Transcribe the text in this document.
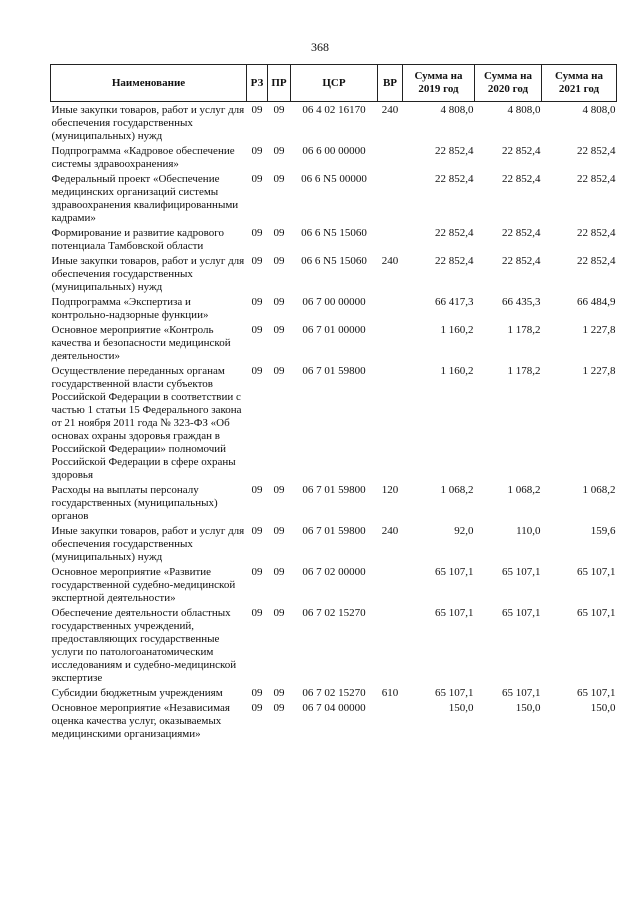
368
Наименование	РЗ	ПР	ЦСР	ВР	Сумма на 2019 год	Сумма на 2020 год	Сумма на 2021 год
Иные закупки товаров, работ и услуг для обеспечения государственных (муниципальных) нужд	09	09	06 4 02 16170	240	4 808,0	4 808,0	4 808,0
Подпрограмма «Кадровое обеспечение системы здравоохранения»	09	09	06 6 00 00000		22 852,4	22 852,4	22 852,4
Федеральный проект «Обеспечение медицинских организаций системы здравоохранения квалифицированными кадрами»	09	09	06 6 N5 00000		22 852,4	22 852,4	22 852,4
Формирование и развитие кадрового потенциала Тамбовской области	09	09	06 6 N5 15060		22 852,4	22 852,4	22 852,4
Иные закупки товаров, работ и услуг для обеспечения государственных (муниципальных) нужд	09	09	06 6 N5 15060	240	22 852,4	22 852,4	22 852,4
Подпрограмма «Экспертиза и контрольно-надзорные функции»	09	09	06 7 00 00000		66 417,3	66 435,3	66 484,9
Основное мероприятие «Контроль качества и безопасности медицинской деятельности»	09	09	06 7 01 00000		1 160,2	1 178,2	1 227,8
Осуществление переданных органам государственной власти субъектов Российской Федерации в соответствии с частью 1 статьи 15 Федерального закона от 21 ноября 2011 года № 323-ФЗ «Об основах охраны здоровья граждан в Российской Федерации» полномочий Российской Федерации в сфере охраны здоровья	09	09	06 7 01 59800		1 160,2	1 178,2	1 227,8
Расходы на выплаты персоналу государственных (муниципальных) органов	09	09	06 7 01 59800	120	1 068,2	1 068,2	1 068,2
Иные закупки товаров, работ и услуг для обеспечения государственных (муниципальных) нужд	09	09	06 7 01 59800	240	92,0	110,0	159,6
Основное мероприятие «Развитие государственной судебно-медицинской экспертной деятельности»	09	09	06 7 02 00000		65 107,1	65 107,1	65 107,1
Обеспечение деятельности областных государственных учреждений, предоставляющих государственные услуги по патологоанатомическим исследованиям и судебно-медицинской экспертизе	09	09	06 7 02 15270		65 107,1	65 107,1	65 107,1
Субсидии бюджетным учреждениям	09	09	06 7 02 15270	610	65 107,1	65 107,1	65 107,1
Основное мероприятие «Независимая оценка качества услуг, оказываемых медицинскими организациями»	09	09	06 7 04 00000		150,0	150,0	150,0
